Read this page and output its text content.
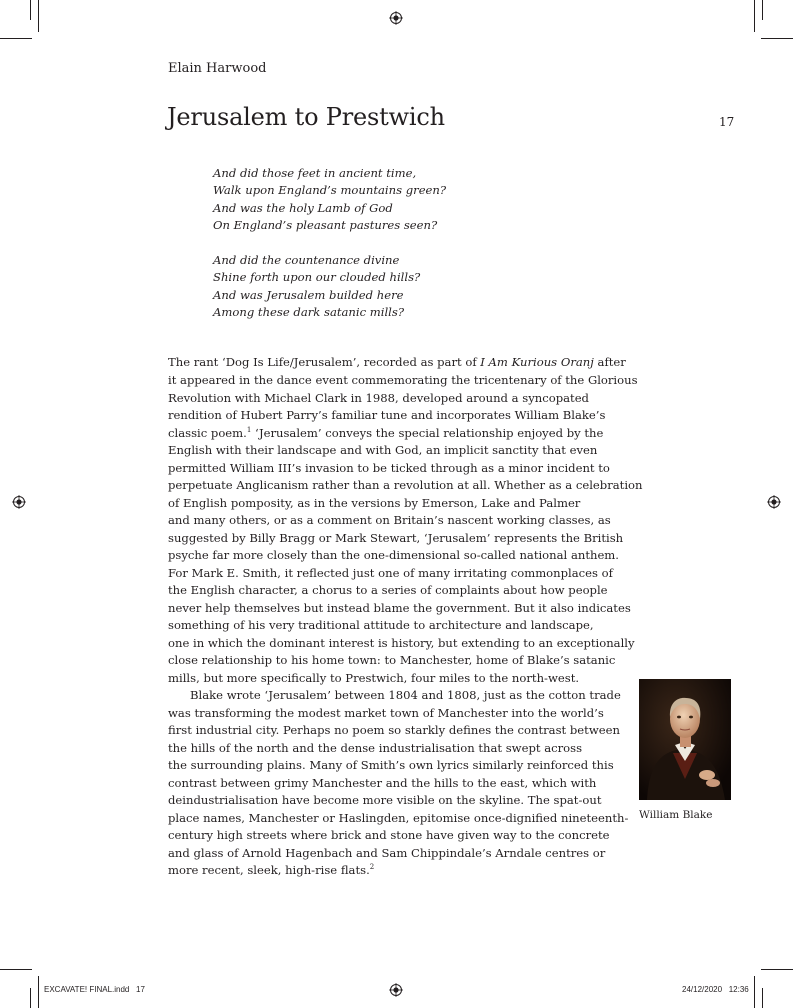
Elain Harwood
Jerusalem to Prestwich	17
And did those feet in ancient time,
Walk upon England’s mountains green?
And was the holy Lamb of God
On England’s pleasant pastures seen?
And did the countenance divine
Shine forth upon our clouded hills?
And was Jerusalem builded here
Among these dark satanic mills?
The rant ‘Dog Is Life/Jerusalem’, recorded as part of I Am Kurious Oranj after
it appeared in the dance event commemorating the tricentenary of the Glorious
Revolution with Michael Clark in 1988, developed around a syncopated
rendition of Hubert Parry’s familiar tune and incorporates William Blake’s
classic poem.$^1$ ‘Jerusalem’ conveys the special relationship enjoyed by the
English with their landscape and with God, an implicit sanctity that even
permitted William III’s invasion to be ticked through as a minor incident to
perpetuate Anglicanism rather than a revolution at all. Whether as a celebration
of English pomposity, as in the versions by Emerson, Lake and Palmer
and many others, or as a comment on Britain’s nascent working classes, as
suggested by Billy Bragg or Mark Stewart, ‘Jerusalem’ represents the British
psyche far more closely than the one-dimensional so-called national anthem.
For Mark E. Smith, it reflected just one of many irritating commonplaces of
the English character, a chorus to a series of complaints about how people
never help themselves but instead blame the government. But it also indicates
something of his very traditional attitude to architecture and landscape,
one in which the dominant interest is history, but extending to an exceptionally
close relationship to his home town: to Manchester, home of Blake’s satanic
mills, but more specifically to Prestwich, four miles to the north-west.
Blake wrote ‘Jerusalem’ between 1804 and 1808, just as the cotton trade
was transforming the modest market town of Manchester into the world’s
first industrial city. Perhaps no poem so starkly defines the contrast between
the hills of the north and the dense industrialisation that swept across
the surrounding plains. Many of Smith’s own lyrics similarly reinforced this
contrast between grimy Manchester and the hills to the east, which with
deindustrialisation have become more visible on the skyline. The spat-out
place names, Manchester or Haslingden, epitomise once-dignified nineteenth-
century high streets where brick and stone have given way to the concrete
and glass of Arnold Hagenbach and Sam Chippindale’s Arndale centres or
more recent, sleek, high-rise flats.$^2$
William Blake
EXCAVATE! FINAL.indd   17	24/12/2020   12:36
